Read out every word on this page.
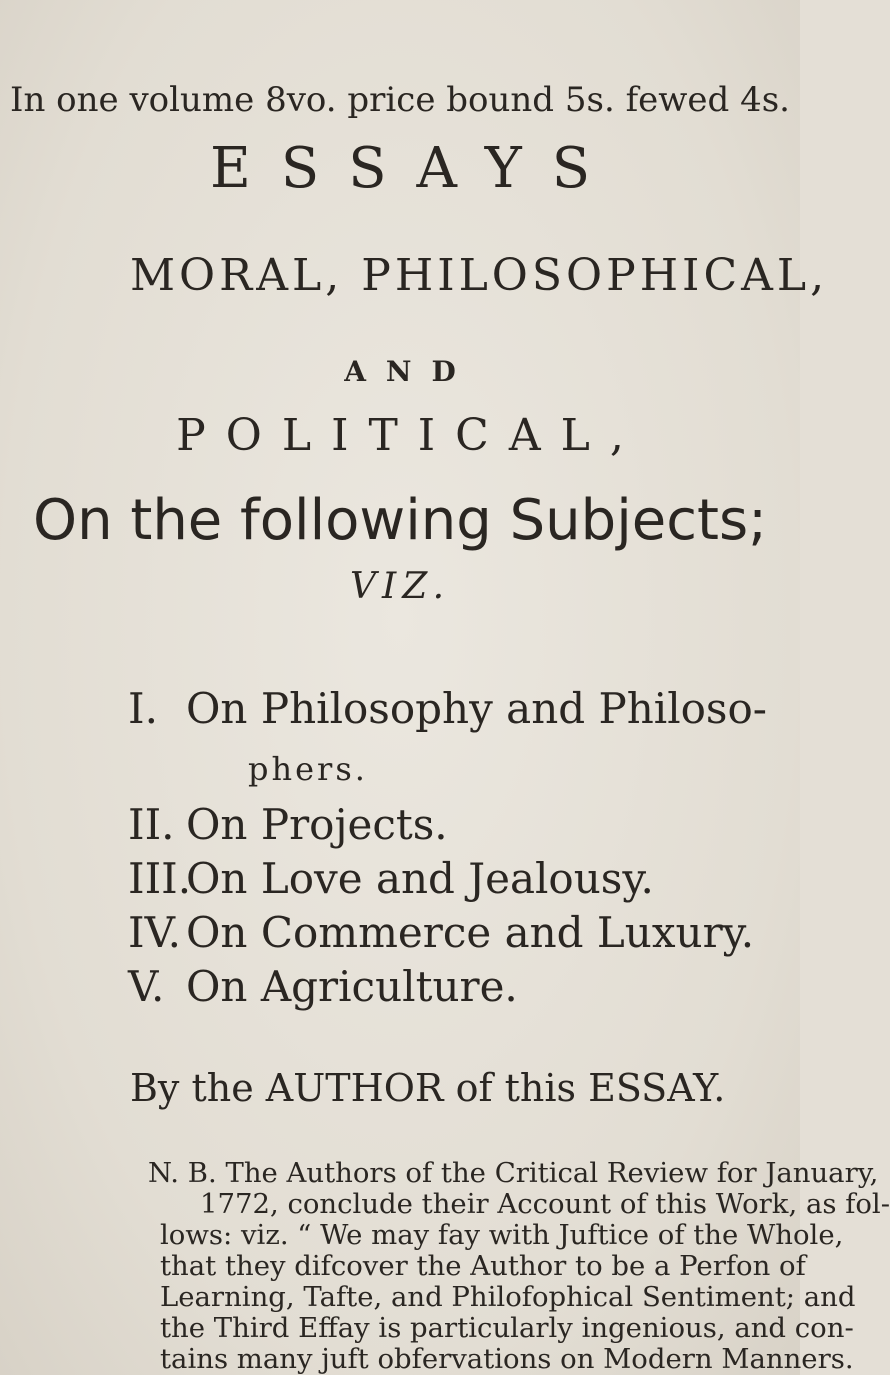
In one volume 8vo. price bound 5s. fewed 4s.
ESSAYS
MORAL, PHILOSOPHICAL,
AND
POLITICAL,
On the following Subjects;
VIZ.
I. On Philosophy and Philoso-
phers.
II. On Projects.
III.On Love and Jealousy.
IV. On Commerce and Luxury.
V. On Agriculture.
By the AUTHOR of this ESSAY.
N. B. The Authors of the Critical Review for January,
1772, conclude their Account of this Work, as fol-
lows: viz. “ We may fay with Juftice of the Whole,
that they difcover the Author to be a Perfon of
Learning, Tafte, and Philofophical Sentiment; and
the Third Effay is particularly ingenious, and con-
tains many juft obfervations on Modern Manners.
